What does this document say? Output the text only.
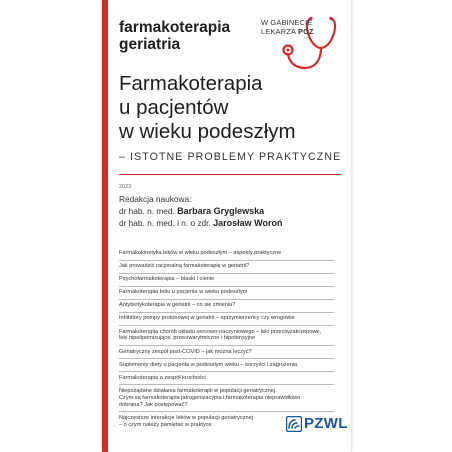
farmakoterapia
geriatria
W GABINECIE
LEKARZA POZ
Farmakoterapia
u pacjentów
w wieku podeszłym
– ISTOTNE PROBLEMY PRAKTYCZNE
2023
Redakcja naukowa:
dr hab. n. med. Barbara Gryglewska
dr hab. n. med. i n. o zdr. Jarosław Woroń
Farmakokinetyka leków w wieku podeszłym – aspekty praktyczne
Jak prowadzić racjonalną farmakoterapię w geriatrii?
Psychofarmakoterapia – blaski i cienie
Farmakoterapia bólu u pacjenta w wieku podeszłym
Antybiotykoterapia w geriatrii – co się zmienia?
Inhibitory pompy protonowej w geriatrii – sprzymierzeńcy czy wrogowie
Farmakoterapia chorób układu sercowo-naczyniowego – leki przeciwzakrzepowe,
leki hipolipemizujące, przeciwarytmiczne i hipotensyjne
Geriatryczny zespół post-COVID – jak można leczyć?
Suplementy diety u pacjenta w podeszłym wieku – korzyści i zagrożenia
Farmakoterapia a zespół kruchości
Niepożądane działania farmakoterapii w populacji geriatrycznej.
Czym są farmakoterapia jatrogenizacyjna i farmakoterapia nieprawidłowo
dobrana? Jak postępować?
Najczęstsze interakcje leków w populacji geriatrycznej
– o czym należy pamiętać w praktyce	PZWL
